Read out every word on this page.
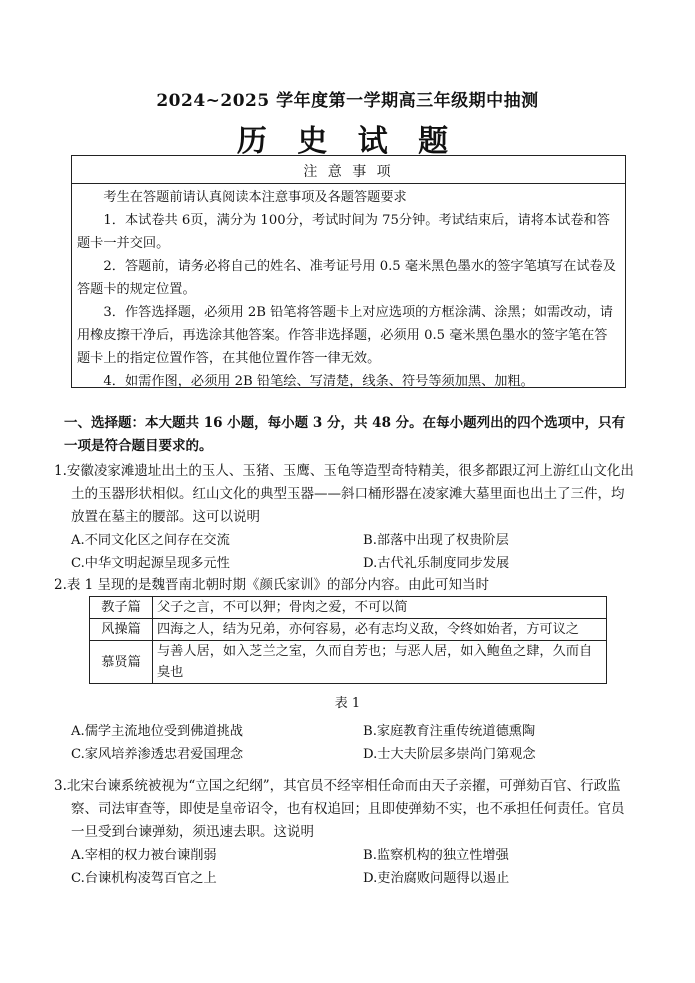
2024~2025 学年度第一学期高三年级期中抽测
历 史 试 题
注 意 事 项

考生在答题前请认真阅读本注意事项及各题答题要求

1．本试卷共 6页，满分为 100分，考试时间为 75分钟。考试结束后，请将本试卷和答题卡一并交回。

2．答题前，请务必将自己的姓名、准考证号用 0.5 毫米黑色墨水的签字笔填写在试卷及答题卡的规定位置。

3．作答选择题，必须用 2B 铅笔将答题卡上对应选项的方框涂满、涂黑；如需改动，请用橡皮擦干净后，再选涂其他答案。作答非选择题，必须用 0.5 毫米黑色墨水的签字笔在答题卡上的指定位置作答，在其他位置作答一律无效。

4．如需作图，必须用 2B 铅笔绘、写清楚，线条、符号等须加黑、加粗。

一、选择题：本大题共 16 小题，每小题 3 分，共 48 分。在每小题列出的四个选项中，只有一项是符合题目要求的。

1.安徽凌家滩遗址出土的玉人、玉猪、玉鹰、玉龟等造型奇特精美，很多都跟辽河上游红山文化出土的玉器形状相似。红山文化的典型玉器——斜口桶形器在凌家滩大墓里面也出土了三件，均放置在墓主的腰部。这可以说明

A.不同文化区之间存在交流	B.部落中出现了权贵阶层
C.中华文明起源呈现多元性	D.古代礼乐制度同步发展

2.表 1 呈现的是魏晋南北朝时期《颜氏家训》的部分内容。由此可知当时

教子篇	父子之言，不可以狎；骨肉之爱，不可以简
风操篇	四海之人，结为兄弟，亦何容易，必有志均义敌，令终如始者，方可议之
慕贤篇	与善人居，如入芝兰之室，久而自芳也；与恶人居，如入鲍鱼之肆，久而自臭也
表 1
A.儒学主流地位受到佛道挑战	B.家庭教育注重传统道德熏陶
C.家风培养渗透忠君爱国理念	D.士大夫阶层多崇尚门第观念

3.北宋台谏系统被视为“立国之纪纲”，其官员不经宰相任命而由天子亲擢，可弹劾百官、行政监察、司法审查等，即使是皇帝诏令，也有权追回；且即使弹劾不实，也不承担任何责任。官员一旦受到台谏弹劾，须迅速去职。这说明

A.宰相的权力被台谏削弱	B.监察机构的独立性增强
C.台谏机构凌驾百官之上	D.吏治腐败问题得以遏止
